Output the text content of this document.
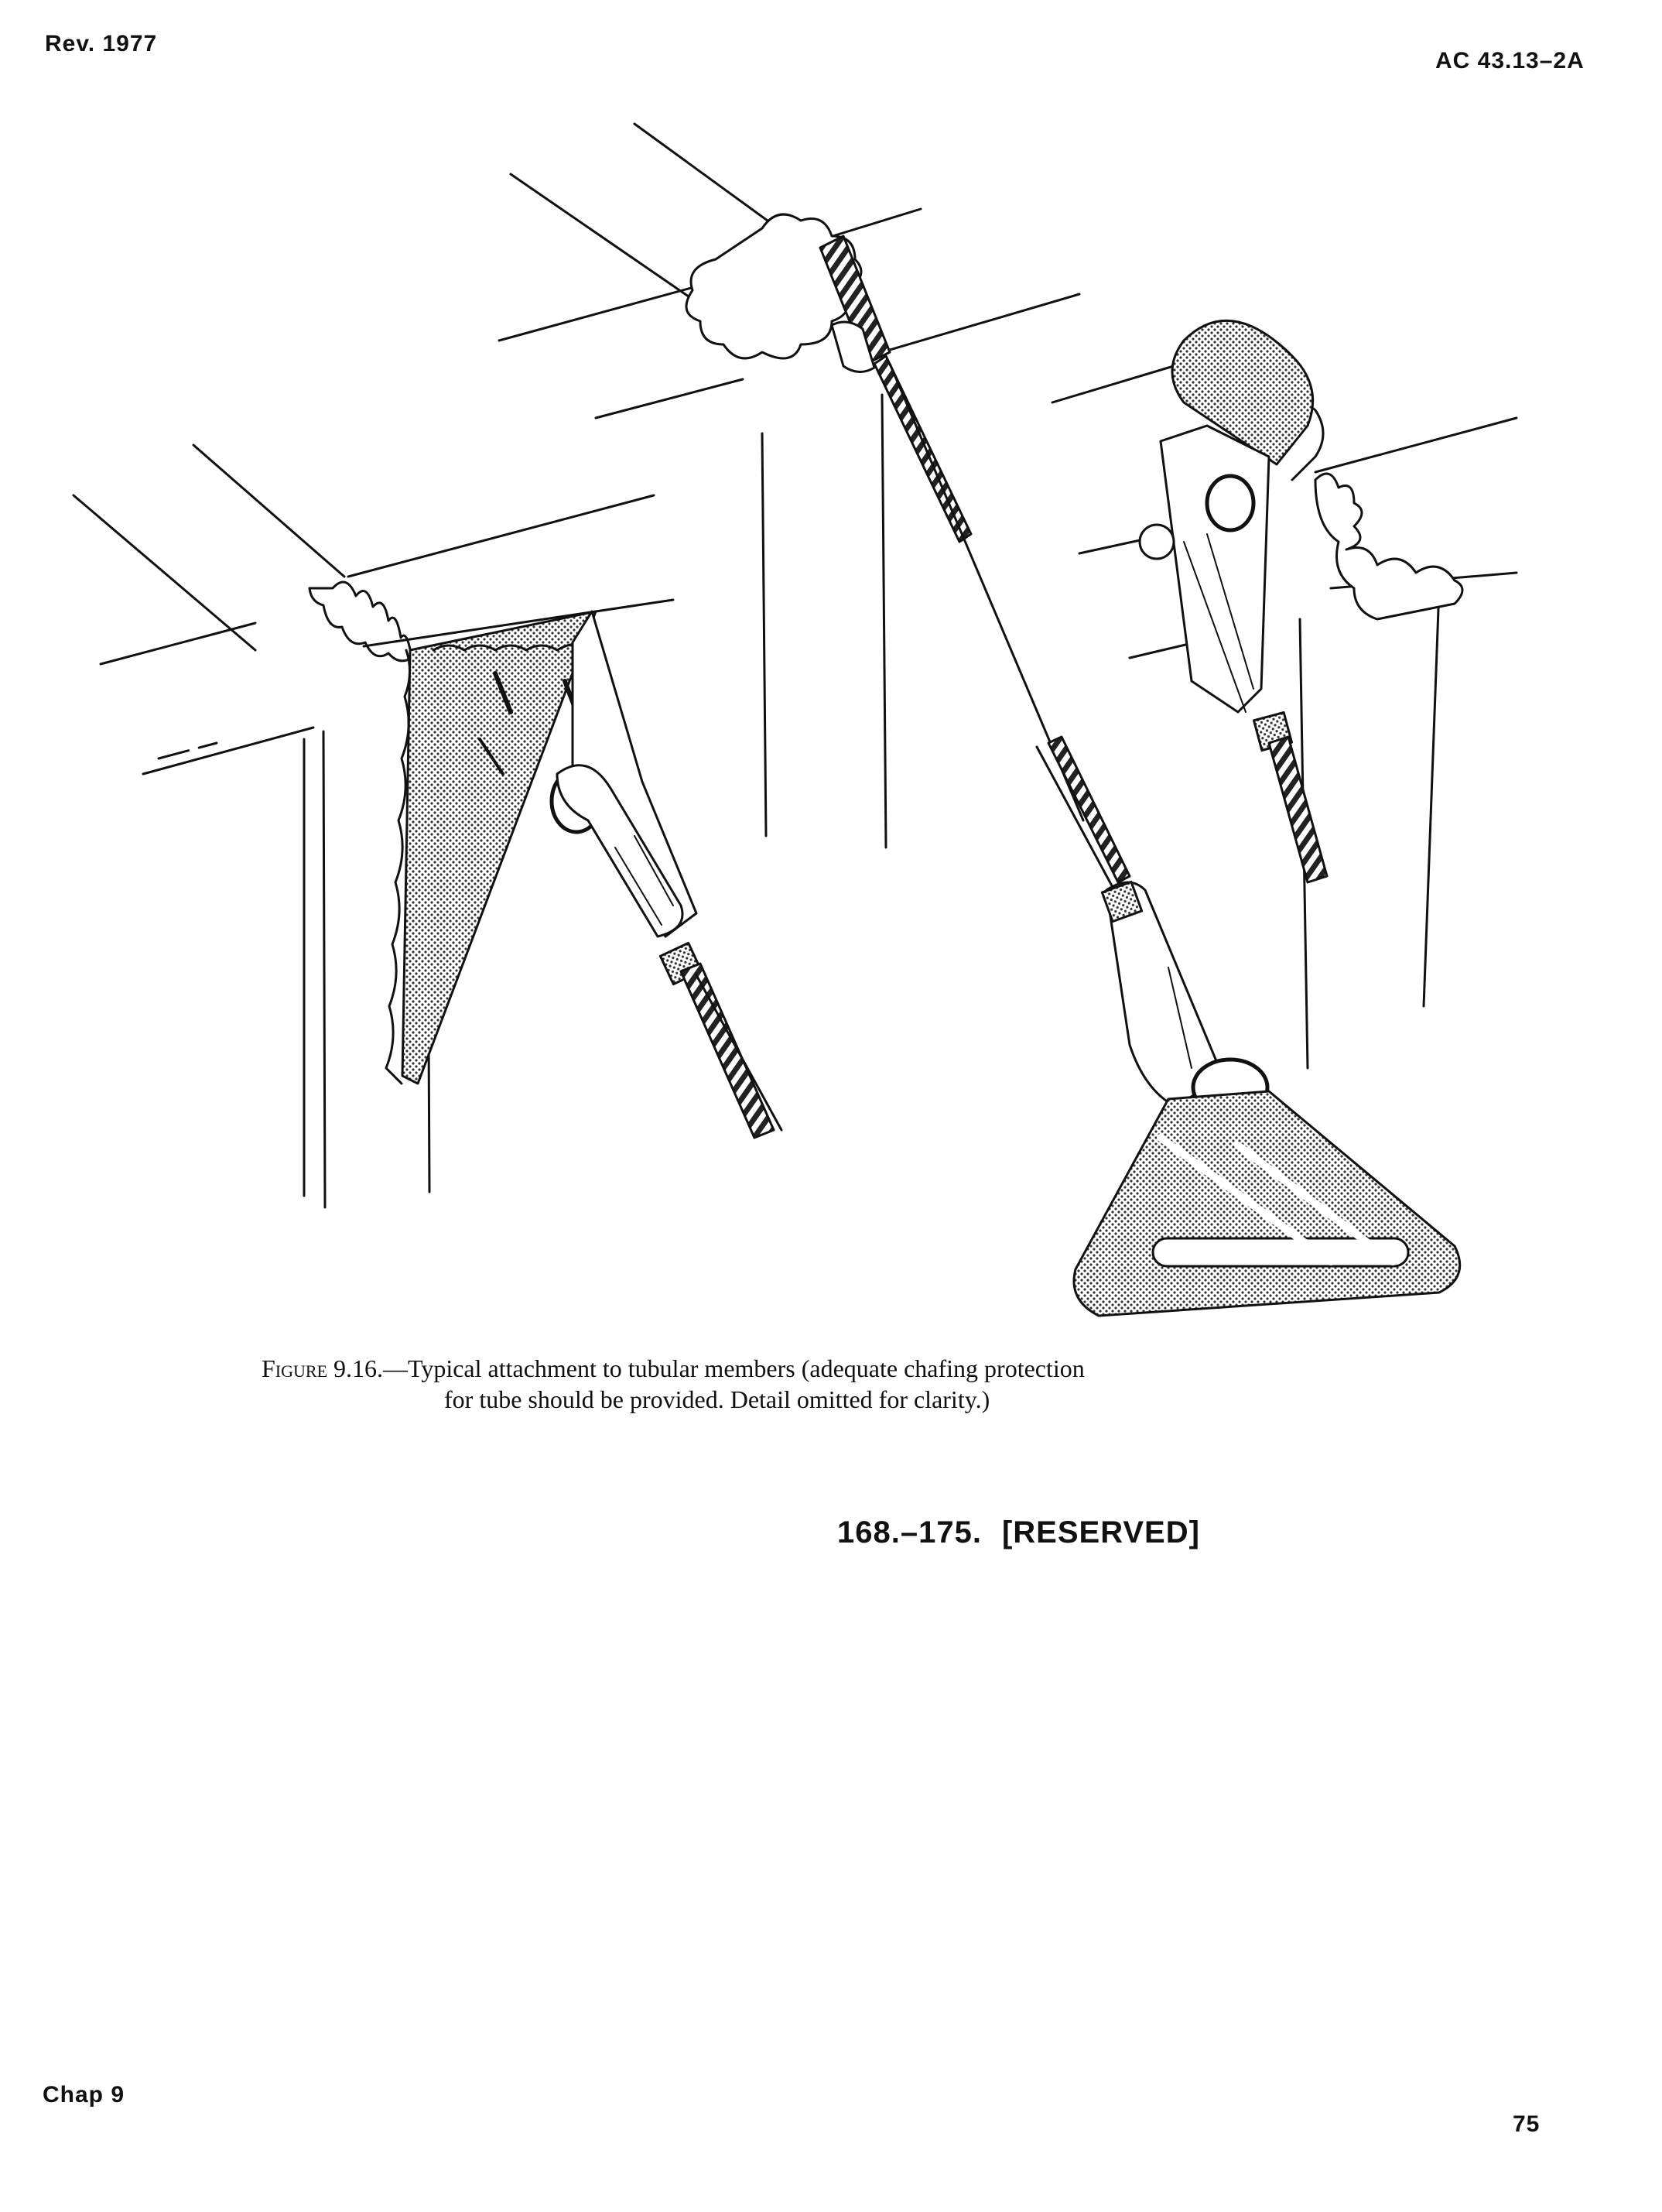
Rev. 1977
AC 43.13–2A
Figure 9.16.—Typical attachment to tubular members (adequate chafing protection
for tube should be provided. Detail omitted for clarity.)
168.–175. [RESERVED]
Chap 9
75
